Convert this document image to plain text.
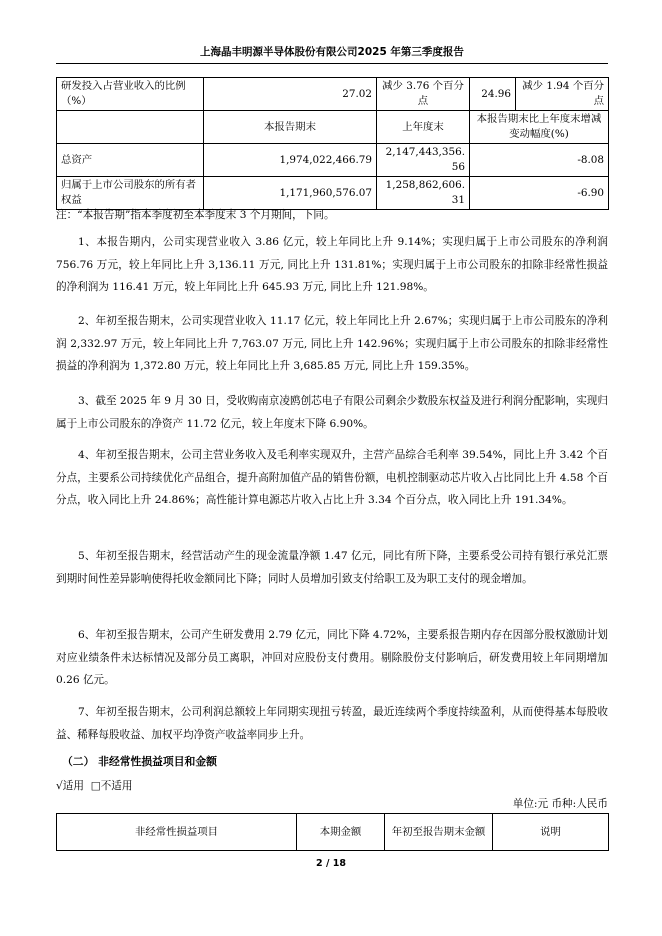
上海晶丰明源半导体股份有限公司2025 年第三季度报告
研发投入占营业收入的比例（%）	27.02	减少 3.76 个百分点	24.96	减少 1.94 个百分点
	本报告期末	上年度末	本报告期末比上年度末增减变动幅度(%)	
总资产	1,974,022,466.79	2,147,443,356.56	-8.08	
归属于上市公司股东的所有者权益	1,171,960,576.07	1,258,862,606.31	-6.90	
注：“本报告期”指本季度初至本季度末 3 个月期间，下同。

1、本报告期内，公司实现营业收入 3.86 亿元，较上年同比上升 9.14%；实现归属于上市公司股东的净利润 756.76 万元，较上年同比上升 3,136.11 万元, 同比上升 131.81%；实现归属于上市公司股东的扣除非经常性损益的净利润为 116.41 万元，较上年同比上升 645.93 万元, 同比上升 121.98%。

2、年初至报告期末，公司实现营业收入 11.17 亿元，较上年同比上升 2.67%；实现归属于上市公司股东的净利润 2,332.97 万元，较上年同比上升 7,763.07 万元, 同比上升 142.96%；实现归属于上市公司股东的扣除非经常性损益的净利润为 1,372.80 万元，较上年同比上升 3,685.85 万元, 同比上升 159.35%。

3、截至 2025 年 9 月 30 日，受收购南京凌鸥创芯电子有限公司剩余少数股东权益及进行利润分配影响，实现归属于上市公司股东的净资产 11.72 亿元，较上年度末下降 6.90%。

4、年初至报告期末，公司主营业务收入及毛利率实现双升，主营产品综合毛利率 39.54%，同比上升 3.42 个百分点，主要系公司持续优化产品组合，提升高附加值产品的销售份额，电机控制驱动芯片收入占比同比上升 4.58 个百分点，收入同比上升 24.86%；高性能计算电源芯片收入占比上升 3.34 个百分点，收入同比上升 191.34%。

5、年初至报告期末，经营活动产生的现金流量净额 1.47 亿元，同比有所下降，主要系受公司持有银行承兑汇票到期时间性差异影响使得托收金额同比下降；同时人员增加引致支付给职工及为职工支付的现金增加。

6、年初至报告期末，公司产生研发费用 2.79 亿元，同比下降 4.72%，主要系报告期内存在因部分股权激励计划对应业绩条件未达标情况及部分员工离职，冲回对应股份支付费用。剔除股份支付影响后，研发费用较上年同期增加 0.26 亿元。

7、年初至报告期末，公司利润总额较上年同期实现扭亏转盈，最近连续两个季度持续盈利，从而使得基本每股收益、稀释每股收益、加权平均净资产收益率同步上升。

（二） 非经常性损益项目和金额
√适用 □不适用
单位:元 币种:人民币
非经常性损益项目	本期金额	年初至报告期末金额	说明
2 / 18
